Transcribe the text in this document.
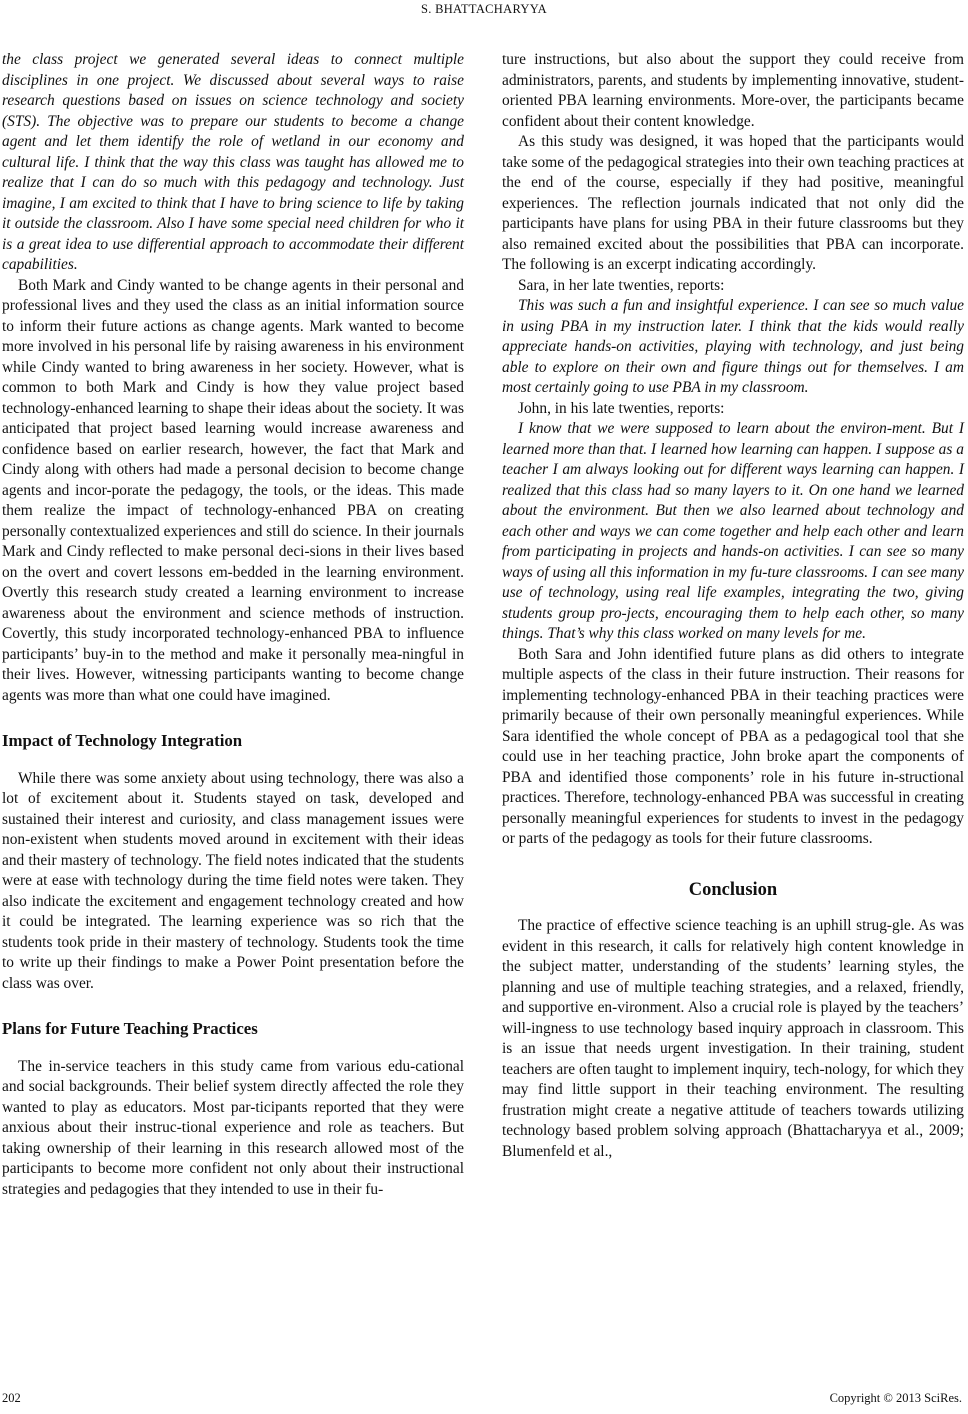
S. BHATTACHARYYA

the class project we generated several ideas to connect multiple disciplines in one project. We discussed about several ways to raise research questions based on issues on science technology and society (STS). The objective was to prepare our students to become a change agent and let them identify the role of wetland in our economy and cultural life. I think that the way this class was taught has allowed me to realize that I can do so much with this pedagogy and technology. Just imagine, I am excited to think that I have to bring science to life by taking it outside the classroom. Also I have some special need children for who it is a great idea to use differential approach to accommodate their different capabilities.

Both Mark and Cindy wanted to be change agents in their personal and professional lives and they used the class as an initial information source to inform their future actions as change agents. Mark wanted to become more involved in his personal life by raising awareness in his environment while Cindy wanted to bring awareness in her society. However, what is common to both Mark and Cindy is how they value project based technology-enhanced learning to shape their ideas about the society. It was anticipated that project based learning would increase awareness and confidence based on earlier research, however, the fact that Mark and Cindy along with others had made a personal decision to become change agents and incor-porate the pedagogy, the tools, or the ideas. This made them realize the impact of technology-enhanced PBA on creating personally contextualized experiences and still do science. In their journals Mark and Cindy reflected to make personal deci-sions in their lives based on the overt and covert lessons em-bedded in the learning environment. Overtly this research study created a learning environment to increase awareness about the environment and science methods of instruction. Covertly, this study incorporated technology-enhanced PBA to influence participants’ buy-in to the method and make it personally mea-ningful in their lives. However, witnessing participants wanting to become change agents was more than what one could have imagined.

Impact of Technology Integration

While there was some anxiety about using technology, there was also a lot of excitement about it. Students stayed on task, developed and sustained their interest and curiosity, and class management issues were non-existent when students moved around in excitement with their ideas and their mastery of technology. The field notes indicated that the students were at ease with technology during the time field notes were taken. They also indicate the excitement and engagement technology created and how it could be integrated. The learning experience was so rich that the students took pride in their mastery of technology. Students took the time to write up their findings to make a Power Point presentation before the class was over.

Plans for Future Teaching Practices

The in-service teachers in this study came from various edu-cational and social backgrounds. Their belief system directly affected the role they wanted to play as educators. Most par-ticipants reported that they were anxious about their instruc-tional experience and role as teachers. But taking ownership of their learning in this research allowed most of the participants to become more confident not only about their instructional strategies and pedagogies that they intended to use in their fu-

ture instructions, but also about the support they could receive from administrators, parents, and students by implementing innovative, student-oriented PBA learning environments. More-over, the participants became confident about their content knowledge.

As this study was designed, it was hoped that the participants would take some of the pedagogical strategies into their own teaching practices at the end of the course, especially if they had positive, meaningful experiences. The reflection journals indicated that not only did the participants have plans for using PBA in their future classrooms but they also remained excited about the possibilities that PBA can incorporate. The following is an excerpt indicating accordingly.

Sara, in her late twenties, reports:

This was such a fun and insightful experience. I can see so much value in using PBA in my instruction later. I think that the kids would really appreciate hands-on activities, playing with technology, and just being able to explore on their own and figure things out for themselves. I am most certainly going to use PBA in my classroom.

John, in his late twenties, reports:

I know that we were supposed to learn about the environ-ment. But I learned more than that. I learned how learning can happen. I suppose as a teacher I am always looking out for different ways learning can happen. I realized that this class had so many layers to it. On one hand we learned about the environment. But then we also learned about technology and each other and ways we can come together and help each other and learn from participating in projects and hands-on activities. I can see so many ways of using all this information in my fu-ture classrooms. I can see many use of technology, using real life examples, integrating the two, giving students group pro-jects, encouraging them to help each other, so many things. That’s why this class worked on many levels for me.

Both Sara and John identified future plans as did others to integrate multiple aspects of the class in their future instruction. Their reasons for implementing technology-enhanced PBA in their teaching practices were primarily because of their own personally meaningful experiences. While Sara identified the whole concept of PBA as a pedagogical tool that she could use in her teaching practice, John broke apart the components of PBA and identified those components’ role in his future in-structional practices. Therefore, technology-enhanced PBA was successful in creating personally meaningful experiences for students to invest in the pedagogy or parts of the pedagogy as tools for their future classrooms.

Conclusion

The practice of effective science teaching is an uphill strug-gle. As was evident in this research, it calls for relatively high content knowledge in the subject matter, understanding of the students’ learning styles, the planning and use of multiple teaching strategies, and a relaxed, friendly, and supportive en-vironment. Also a crucial role is played by the teachers’ will-ingness to use technology based inquiry approach in classroom. This is an issue that needs urgent investigation. In their training, student teachers are often taught to implement inquiry, tech-nology, for which they may find little support in their teaching environment. The resulting frustration might create a negative attitude of teachers towards utilizing technology based problem solving approach (Bhattacharyya et al., 2009; Blumenfeld et al.,

202	Copyright © 2013 SciRes.
